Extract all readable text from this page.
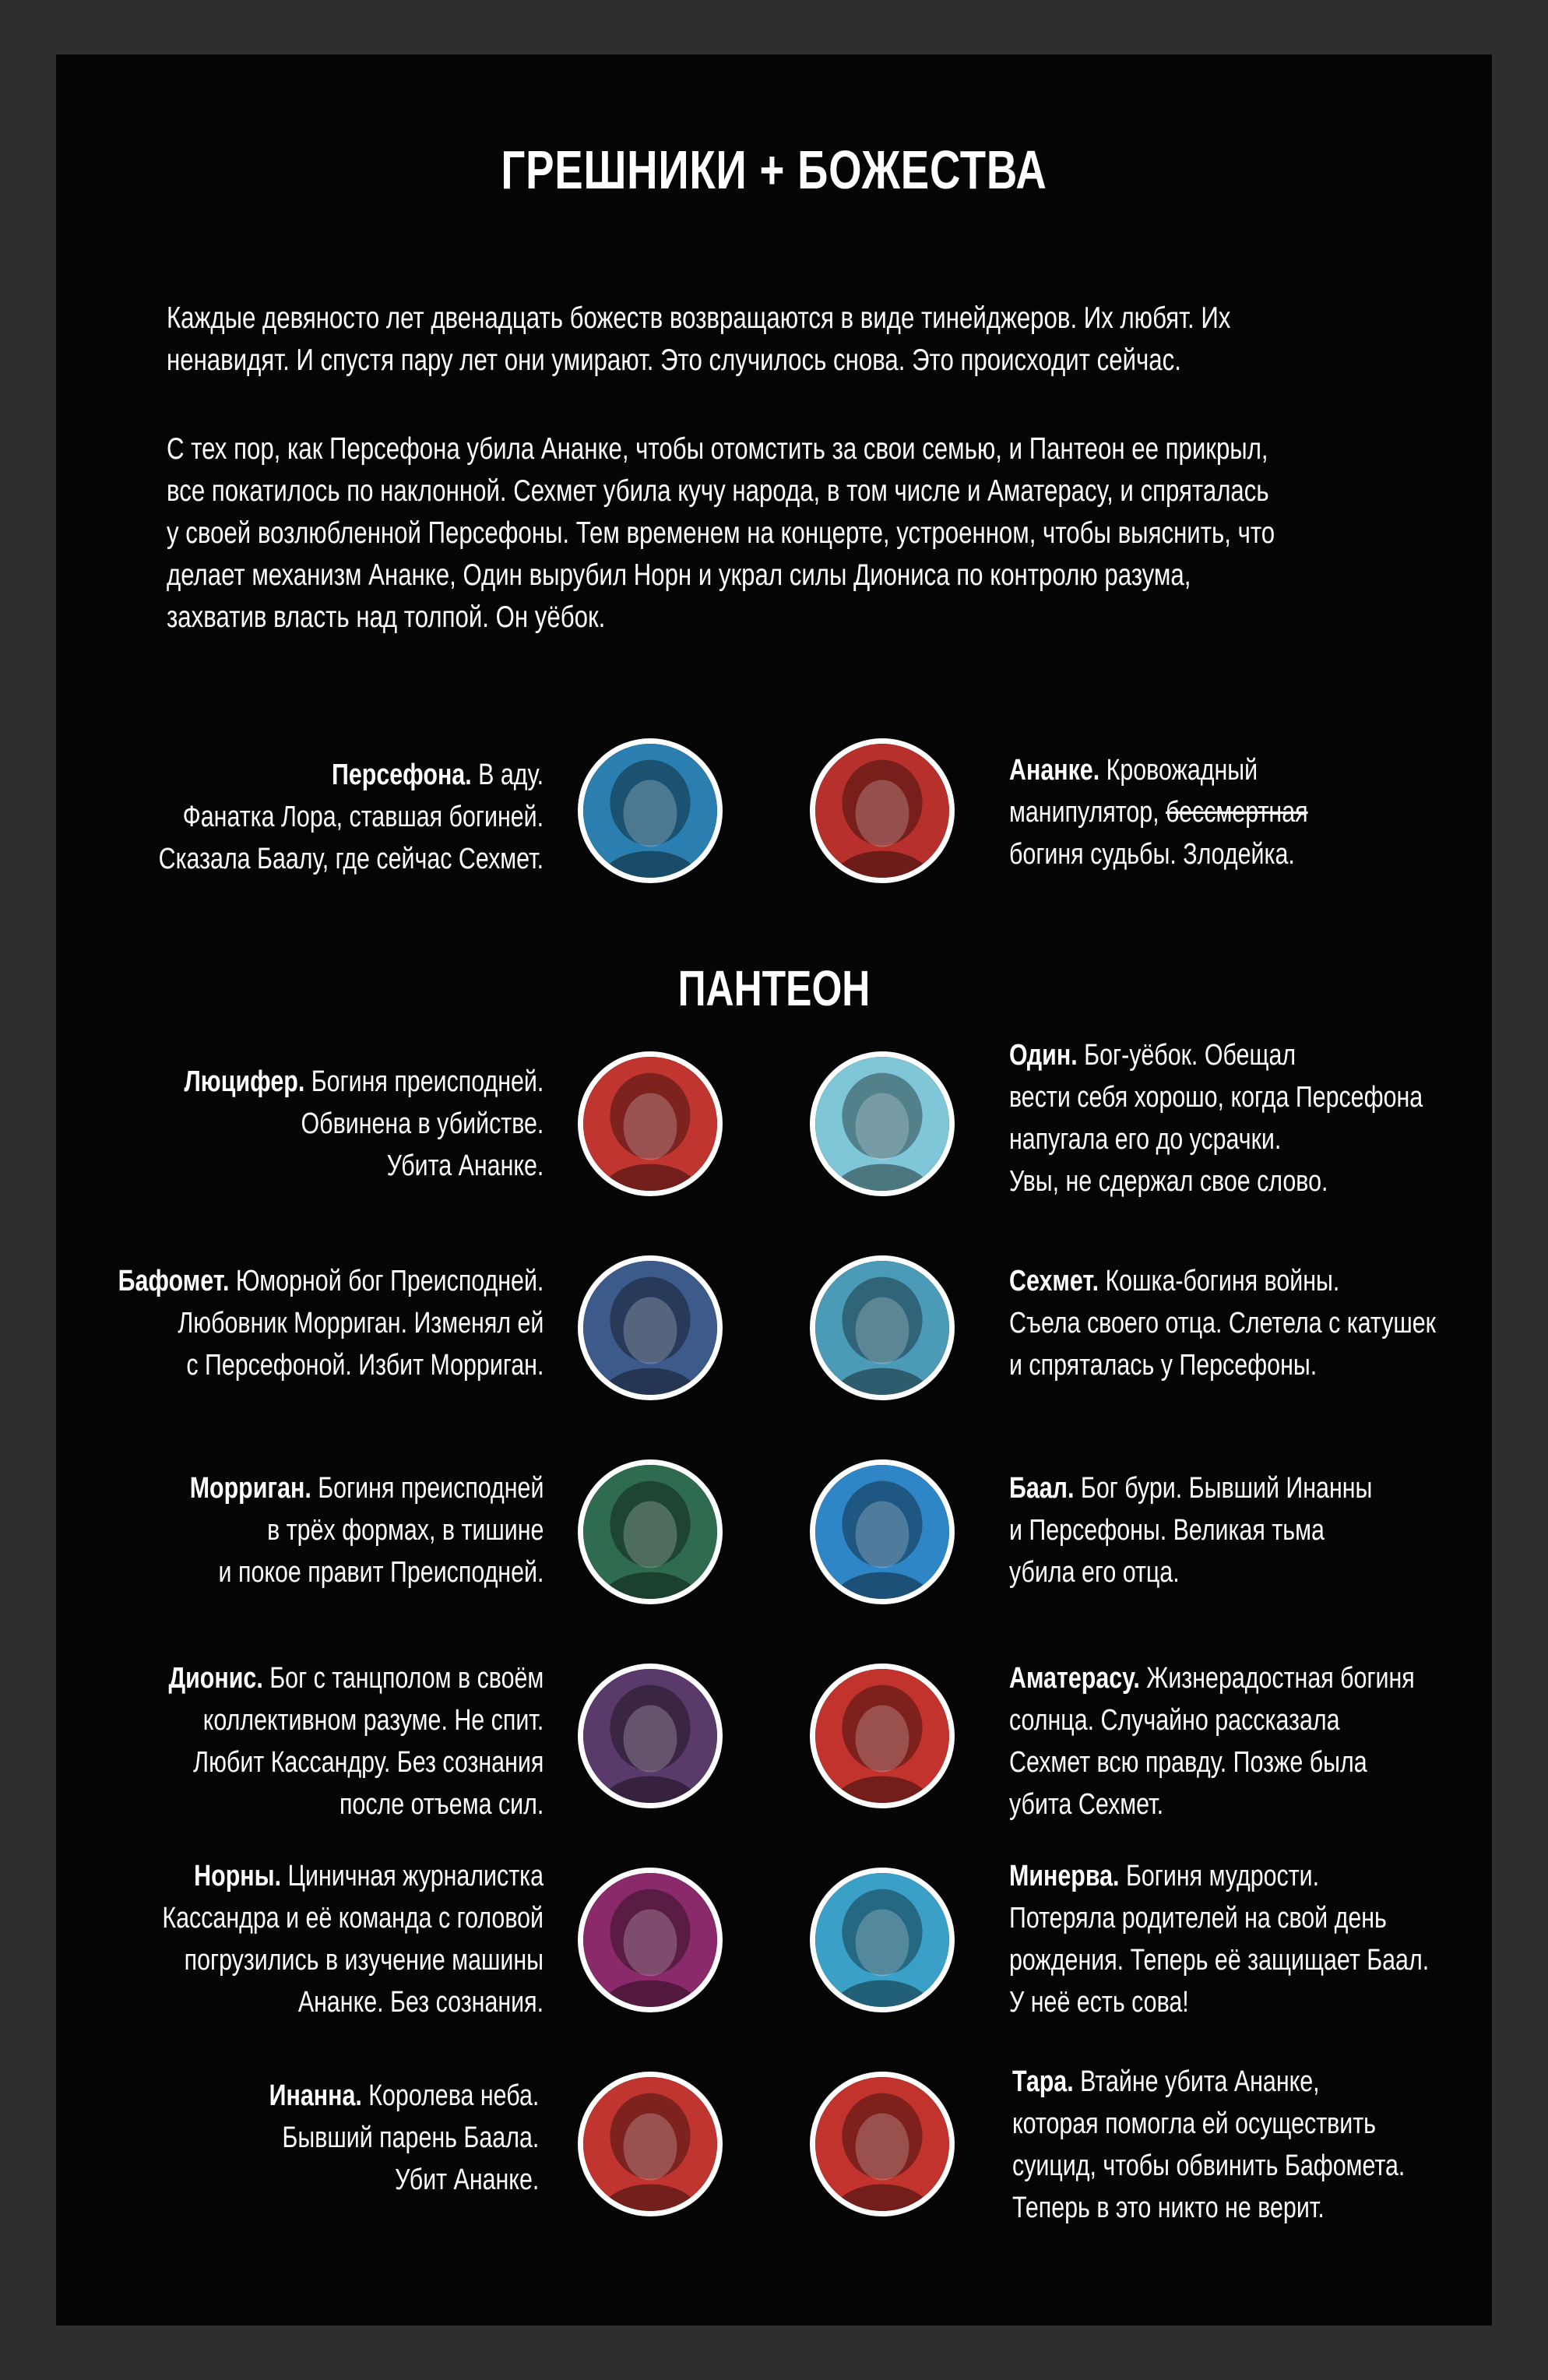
ГРЕШНИКИ + БОЖЕСТВА

Каждые девяносто лет двенадцать божеств возвращаются в виде тинейджеров. Их любят. Их

ненавидят. И спустя пару лет они умирают. Это случилось снова. Это происходит сейчас.

С тех пор, как Персефона убила Ананке, чтобы отомстить за свои семью, и Пантеон ее прикрыл,

все покатилось по наклонной. Сехмет убила кучу народа, в том числе и Аматерасу, и спряталась

у своей возлюбленной Персефоны. Тем временем на концерте, устроенном, чтобы выяснить, что

делает механизм Ананке, Один вырубил Норн и украл силы Диониса по контролю разума,

захватив власть над толпой. Он уёбок.

ПАНТЕОН
Персефона. В аду.
Фанатка Лора, ставшая богиней.
Сказала Баалу, где сейчас Сехмет.
Ананке. Кровожадный
манипулятор, бессмертная
богиня судьбы. Злодейка.
Люцифер. Богиня преисподней.
Обвинена в убийстве.
Убита Ананке.
Один. Бог-уёбок. Обещал
вести себя хорошо, когда Персефона
напугала его до усрачки.
Увы, не сдержал свое слово.
Бафомет. Юморной бог Преисподней.
Любовник Морриган. Изменял ей
с Персефоной. Избит Морриган.
Сехмет. Кошка-богиня войны.
Съела своего отца. Слетела с катушек
и спряталась у Персефоны.
Морриган. Богиня преисподней
в трёх формах, в тишине
и покое правит Преисподней.
Баал. Бог бури. Бывший Инанны
и Персефоны. Великая тьма
убила его отца.
Дионис. Бог с танцполом в своём
коллективном разуме. Не спит.
Любит Кассандру. Без сознания
после отъема сил.
Аматерасу. Жизнерадостная богиня
солнца. Случайно рассказала
Сехмет всю правду. Позже была
убита Сехмет.
Норны. Циничная журналистка
Кассандра и её команда с головой
погрузились в изучение машины
Ананке. Без сознания.
Минерва. Богиня мудрости.
Потеряла родителей на свой день
рождения. Теперь её защищает Баал.
У неё есть сова!
Инанна. Королева неба.
Бывший парень Баала.
Убит Ананке.
Тара. Втайне убита Ананке,
которая помогла ей осуществить
суицид, чтобы обвинить Бафомета.
Теперь в это никто не верит.
